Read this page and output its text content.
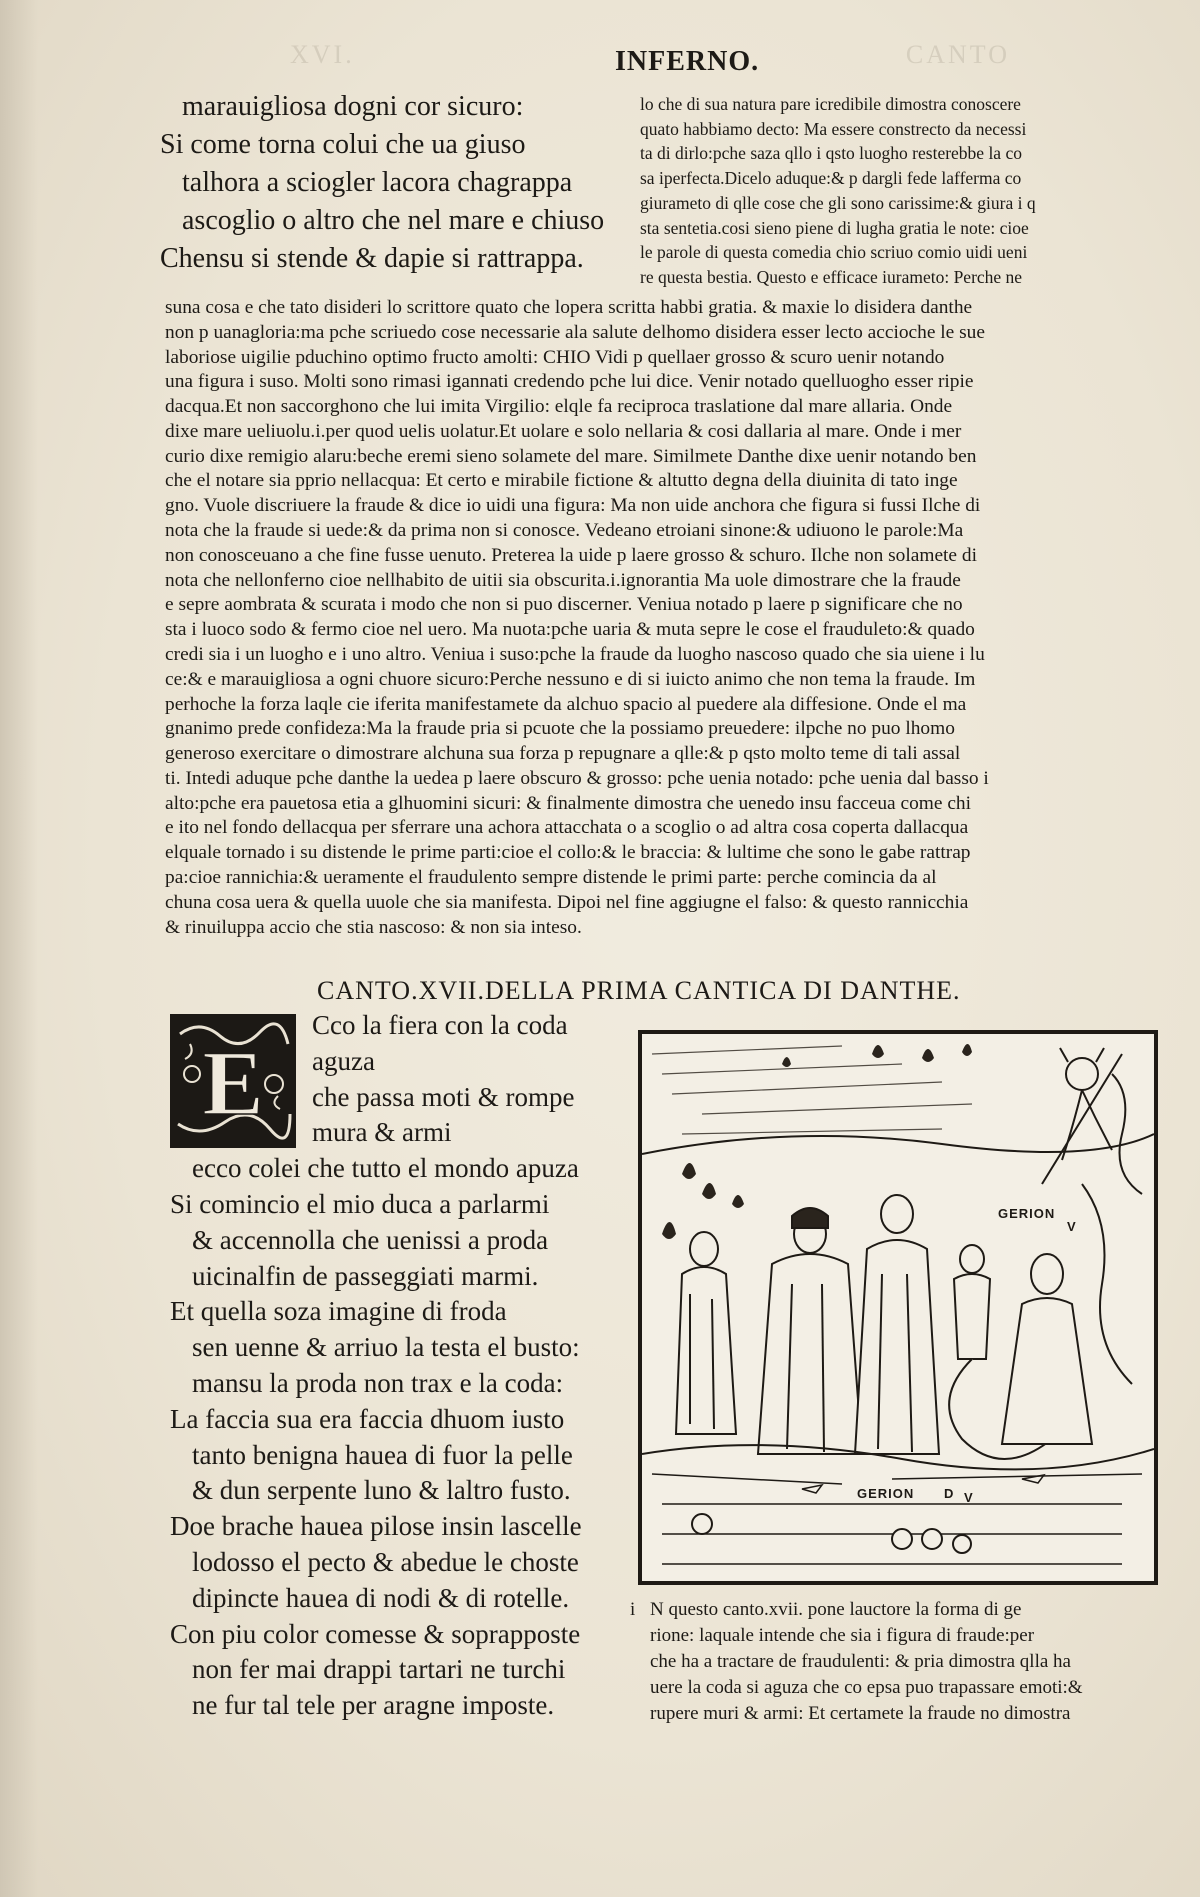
XVI.	CANTO
INFERNO.
marauigliosa dogni cor sicuro:
Si come torna colui che ua giuso
talhora a sciogler lacora chagrappa
ascoglio o altro che nel mare e chiuso
Chensu si stende & dapie si rattrappa.
lo che di sua natura pare icredibile dimostra conoscere
quato habbiamo decto: Ma essere constrecto da necessi
ta di dirlo:pche saza qllo i qsto luogho resterebbe la co
sa iperfecta.Dicelo aduque:& p dargli fede lafferma co
giurameto di qlle cose che gli sono carissime:& giura i q
sta sentetia.cosi sieno piene di lugha gratia le note: cioe
le parole di questa comedia chio scriuo comio uidi ueni
re questa bestia. Questo e efficace iurameto: Perche ne
suna cosa e che tato disideri lo scrittore quato che lopera scritta habbi gratia. & maxie lo disidera danthe
non p uanagloria:ma pche scriuedo cose necessarie ala salute delhomo disidera esser lecto accioche le sue
laboriose uigilie pduchino optimo fructo amolti: CHIO Vidi p quellaer grosso & scuro uenir notando
una figura i suso. Molti sono rimasi igannati credendo pche lui dice. Venir notado quelluogho esser ripie
dacqua.Et non saccorghono che lui imita Virgilio: elqle fa reciproca traslatione dal mare allaria. Onde
dixe mare ueliuolu.i.per quod uelis uolatur.Et uolare e solo nellaria & cosi dallaria al mare. Onde i mer
curio dixe remigio alaru:beche eremi sieno solamete del mare. Similmete Danthe dixe uenir notando ben
che el notare sia pprio nellacqua: Et certo e mirabile fictione & altutto degna della diuinita di tato inge
gno. Vuole discriuere la fraude & dice io uidi una figura: Ma non uide anchora che figura si fussi Ilche di
nota che la fraude si uede:& da prima non si conosce. Vedeano etroiani sinone:& udiuono le parole:Ma
non conosceuano a che fine fusse uenuto. Preterea la uide p laere grosso & schuro. Ilche non solamete di
nota che nellonferno cioe nellhabito de uitii sia obscurita.i.ignorantia Ma uole dimostrare che la fraude
e sepre aombrata & scurata i modo che non si puo discerner. Veniua notado p laere p significare che no
sta i luoco sodo & fermo cioe nel uero. Ma nuota:pche uaria & muta sepre le cose el frauduleto:& quado
credi sia i un luogho e i uno altro. Veniua i suso:pche la fraude da luogho nascoso quado che sia uiene i lu
ce:& e marauigliosa a ogni chuore sicuro:Perche nessuno e di si iuicto animo che non tema la fraude. Im
perhoche la forza laqle cie iferita manifestamete da alchuo spacio al puedere ala diffesione. Onde el ma
gnanimo prede confideza:Ma la fraude pria si pcuote che la possiamo preuedere: ilpche no puo lhomo
generoso exercitare o dimostrare alchuna sua forza p repugnare a qlle:& p qsto molto teme di tali assal
ti. Intedi aduque pche danthe la uedea p laere obscuro & grosso: pche uenia notado: pche uenia dal basso i
alto:pche era pauetosa etia a glhuomini sicuri: & finalmente dimostra che uenedo insu facceua come chi
e ito nel fondo dellacqua per sferrare una achora attacchata o a scoglio o ad altra cosa coperta dallacqua
elquale tornado i su distende le prime parti:cioe el collo:& le braccia: & lultime che sono le gabe rattrap
pa:cioe rannichia:& ueramente el fraudulento sempre distende le primi parte: perche comincia da al
chuna cosa uera & quella uuole che sia manifesta. Dipoi nel fine aggiugne el falso: & questo rannicchia
& rinuiluppa accio che stia nascoso: & non sia inteso.
CANTO.XVII.DELLA PRIMA CANTICA DI DANTHE.
E
Cco la fiera con la coda
aguza
che passa moti & rompe
mura & armi
ecco colei che tutto el mondo apuza
Si comincio el mio duca a parlarmi
& accennolla che uenissi a proda
uicinalfin de passeggiati marmi.
Et quella soza imagine di froda
sen uenne & arriuo la testa el busto:
mansu la proda non trax e la coda:
La faccia sua era faccia dhuom iusto
tanto benigna hauea di fuor la pelle
& dun serpente luno & laltro fusto.
Doe brache hauea pilose insin lascelle
lodosso el pecto & abedue le choste
dipincte hauea di nodi & di rotelle.
Con piu color comesse & soprapposte
non fer mai drappi tartari ne turchi
ne fur tal tele per aragne imposte.
GERION
GERION
V
D V
i N questo canto.xvii. pone lauctore la forma di ge
rione: laquale intende che sia i figura di fraude:per
che ha a tractare de fraudulenti: & pria dimostra qlla ha
uere la coda si aguza che co epsa puo trapassare emoti:&
rupere muri & armi: Et certamete la fraude no dimostra
